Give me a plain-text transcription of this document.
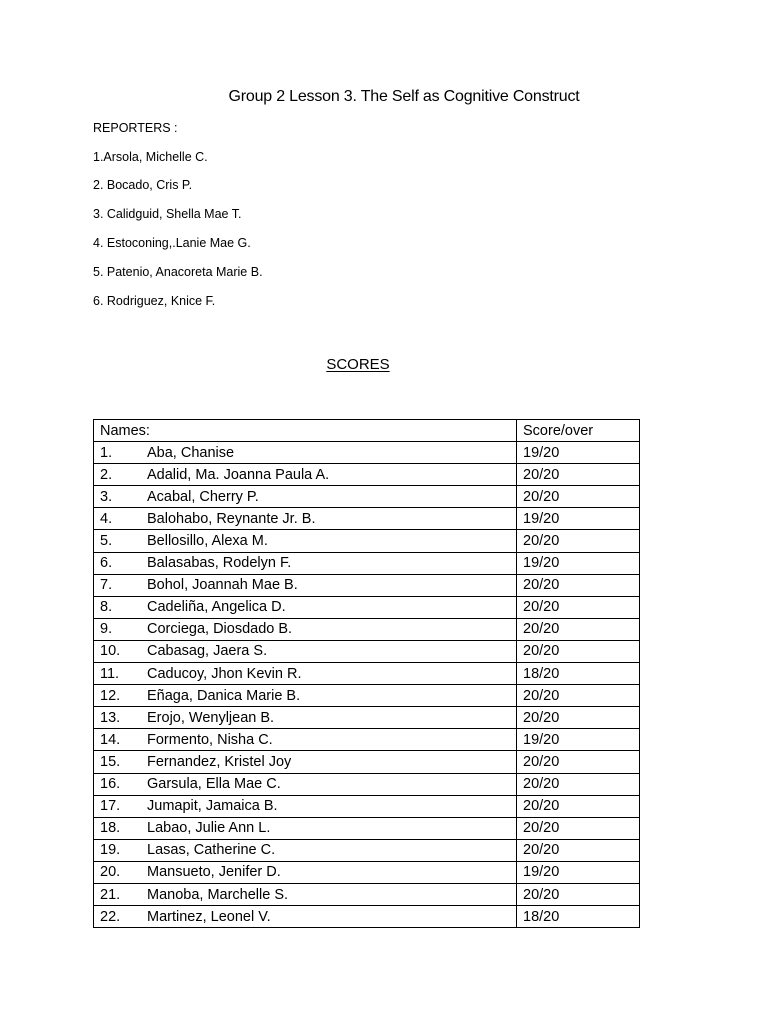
Group 2 Lesson 3. The Self as Cognitive Construct
REPORTERS :
1.Arsola, Michelle C.
2. Bocado, Cris P.
3. Calidguid, Shella Mae T.
4. Estoconing,.Lanie Mae G.
5. Patenio, Anacoreta Marie B.
6. Rodriguez, Knice F.
SCORES
Names:	Score/over
1. Aba, Chanise	19/20
2. Adalid, Ma. Joanna Paula A.	20/20
3. Acabal, Cherry P.	20/20
4. Balohabo, Reynante Jr. B.	19/20
5. Bellosillo, Alexa M.	20/20
6. Balasabas, Rodelyn F.	19/20
7. Bohol, Joannah Mae B.	20/20
8. Cadeliña, Angelica D.	20/20
9. Corciega, Diosdado B.	20/20
10. Cabasag, Jaera S.	20/20
11. Caducoy, Jhon Kevin R.	18/20
12. Eñaga, Danica Marie B.	20/20
13. Erojo, Wenyljean B.	20/20
14. Formento, Nisha C.	19/20
15. Fernandez, Kristel Joy	20/20
16. Garsula, Ella Mae C.	20/20
17. Jumapit, Jamaica B.	20/20
18. Labao, Julie Ann L.	20/20
19. Lasas, Catherine C.	20/20
20. Mansueto, Jenifer D.	19/20
21. Manoba, Marchelle S.	20/20
22. Martinez, Leonel V.	18/20
